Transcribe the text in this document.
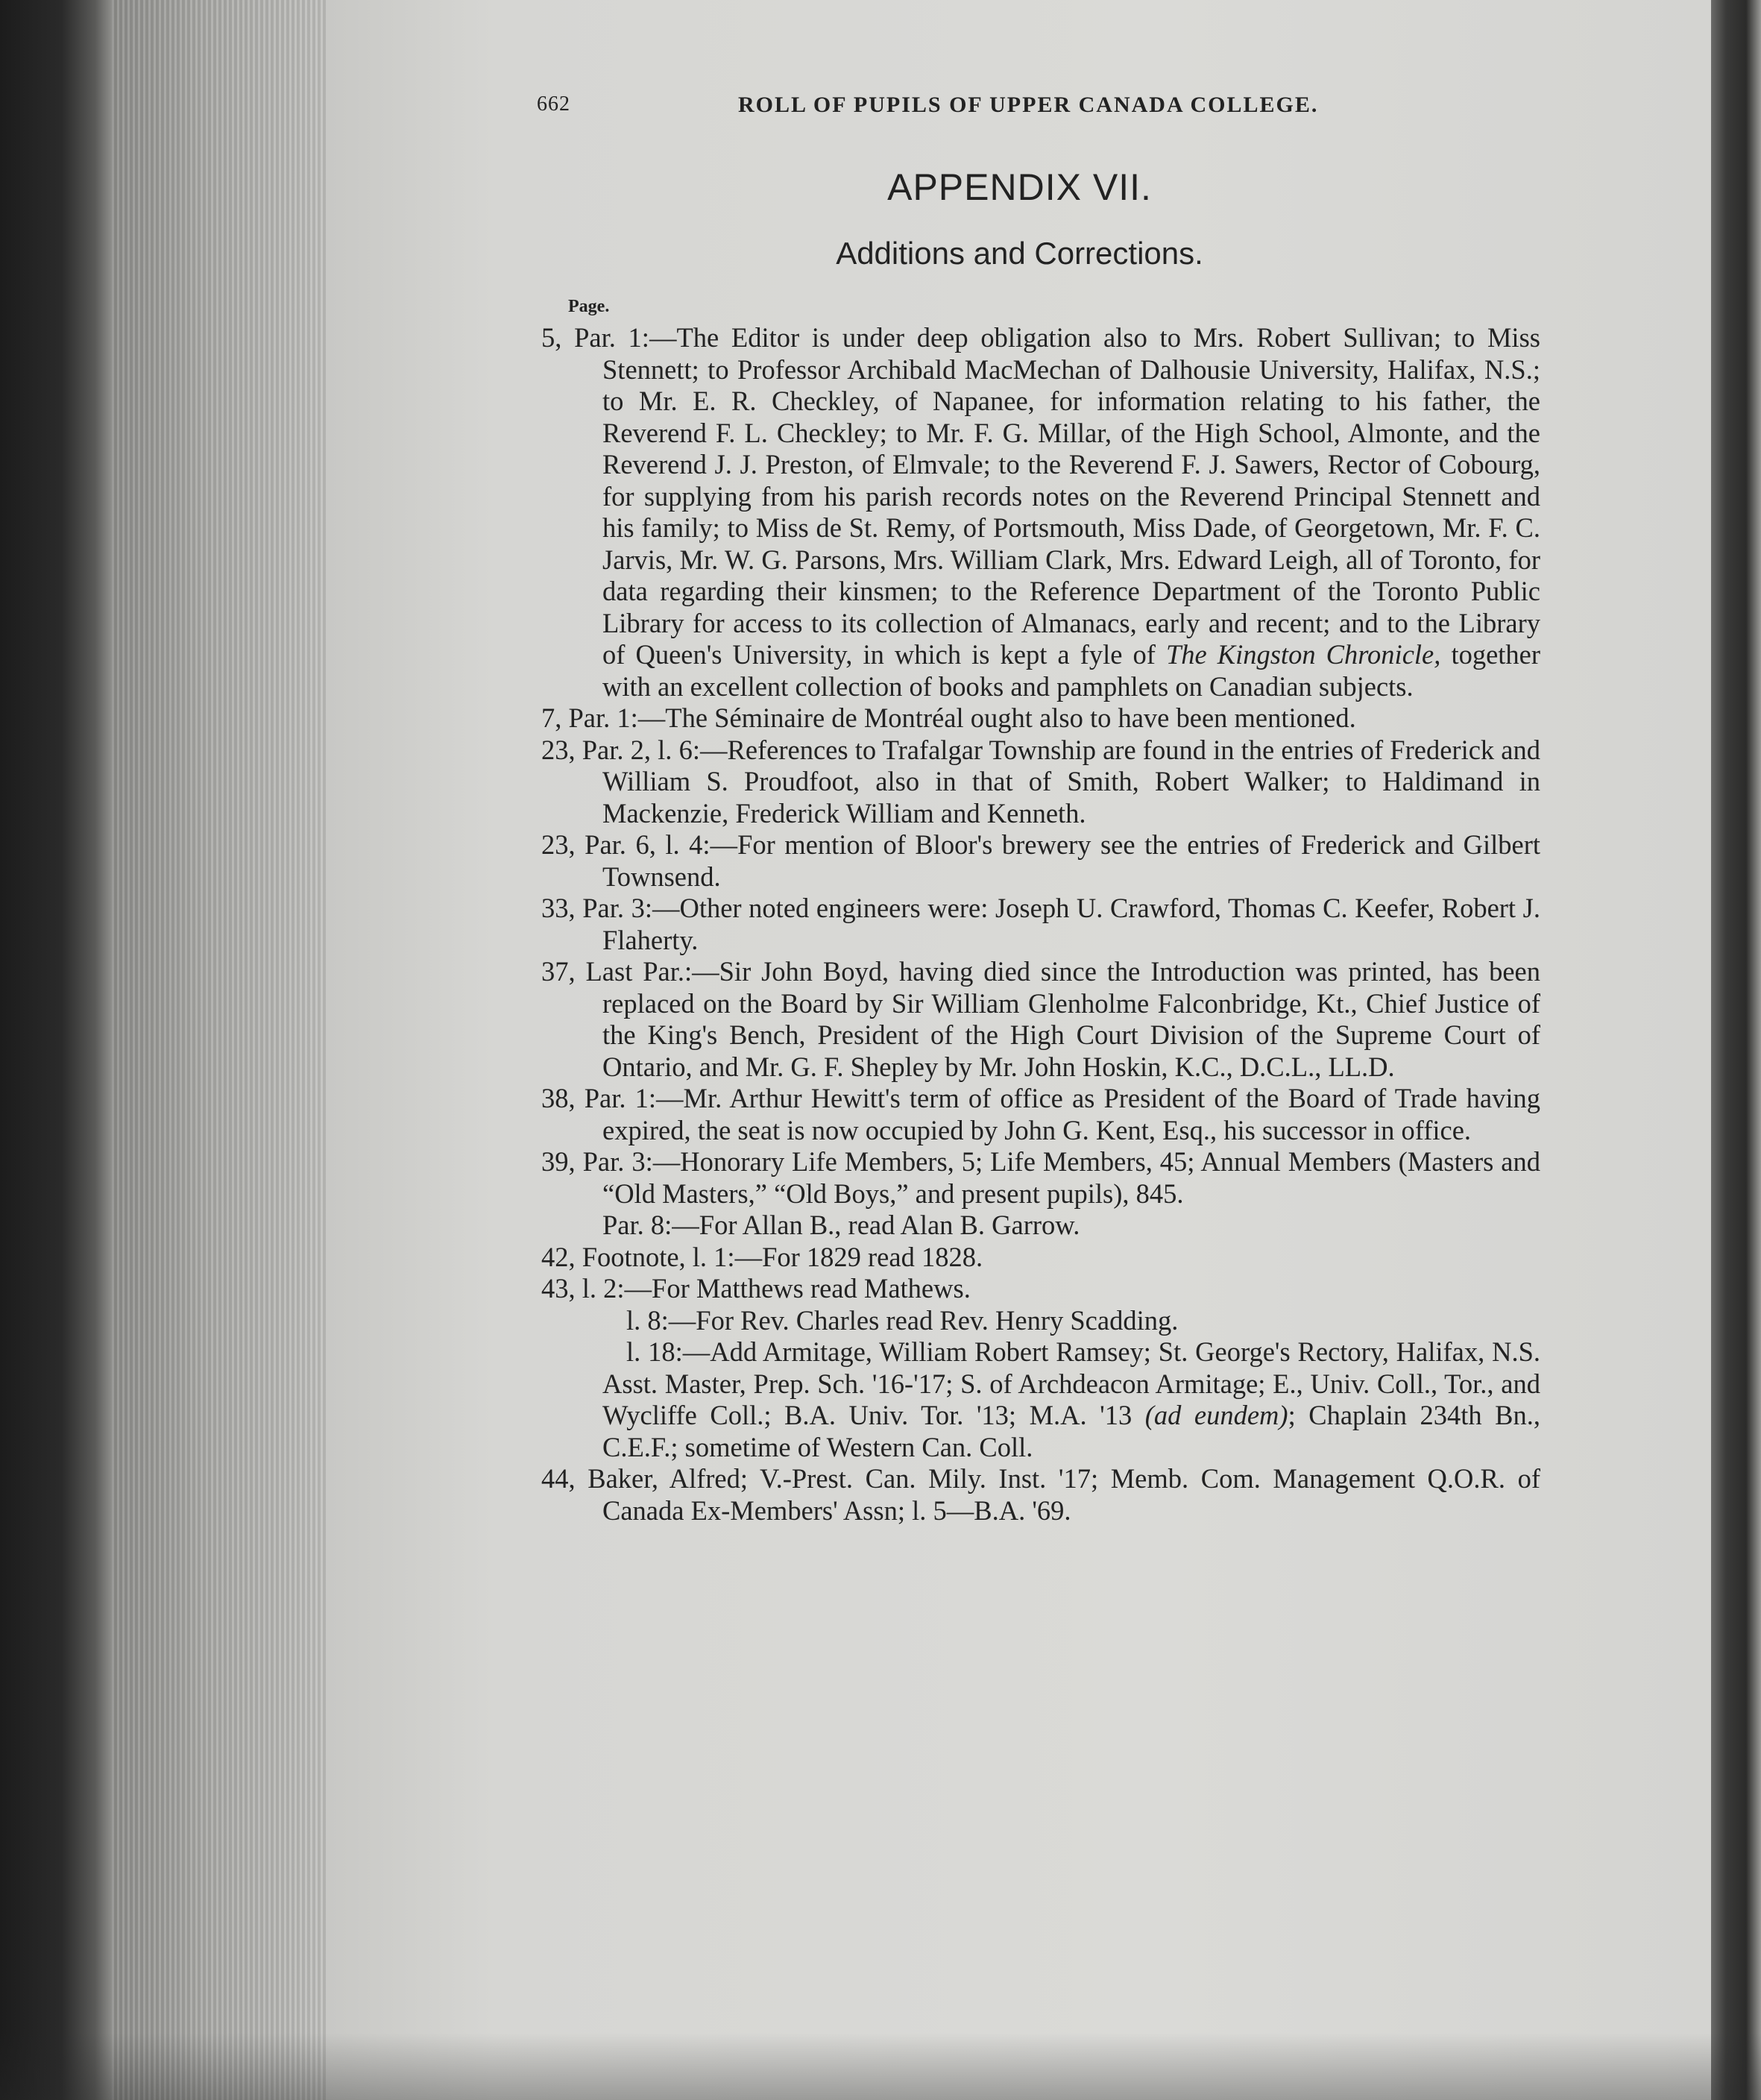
662	ROLL OF PUPILS OF UPPER CANADA COLLEGE.
APPENDIX VII.
Additions and Corrections.
Page.

5, Par. 1:—The Editor is under deep obligation also to Mrs. Robert Sullivan; to Miss Stennett; to Professor Archibald MacMechan of Dalhousie University, Halifax, N.S.; to Mr. E. R. Checkley, of Napanee, for information relating to his father, the Reverend F. L. Checkley; to Mr. F. G. Millar, of the High School, Almonte, and the Reverend J. J. Preston, of Elmvale; to the Reverend F. J. Sawers, Rector of Cobourg, for supplying from his parish records notes on the Reverend Principal Stennett and his family; to Miss de St. Remy, of Portsmouth, Miss Dade, of Georgetown, Mr. F. C. Jarvis, Mr. W. G. Parsons, Mrs. William Clark, Mrs. Edward Leigh, all of Toronto, for data regarding their kinsmen; to the Reference Department of the Toronto Public Library for access to its collection of Almanacs, early and recent; and to the Library of Queen's University, in which is kept a fyle of The Kingston Chronicle, together with an excellent collection of books and pamphlets on Canadian subjects.

7, Par. 1:—The Séminaire de Montréal ought also to have been mentioned.

23, Par. 2, l. 6:—References to Trafalgar Township are found in the entries of Frederick and William S. Proudfoot, also in that of Smith, Robert Walker; to Haldimand in Mackenzie, Frederick William and Kenneth.

23, Par. 6, l. 4:—For mention of Bloor's brewery see the entries of Frederick and Gilbert Townsend.

33, Par. 3:—Other noted engineers were: Joseph U. Crawford, Thomas C. Keefer, Robert J. Flaherty.

37, Last Par.:—Sir John Boyd, having died since the Introduction was printed, has been replaced on the Board by Sir William Glenholme Falconbridge, Kt., Chief Justice of the King's Bench, President of the High Court Division of the Supreme Court of Ontario, and Mr. G. F. Shepley by Mr. John Hoskin, K.C., D.C.L., LL.D.

38, Par. 1:—Mr. Arthur Hewitt's term of office as President of the Board of Trade having expired, the seat is now occupied by John G. Kent, Esq., his successor in office.

39, Par. 3:—Honorary Life Members, 5; Life Members, 45; Annual Members (Masters and “Old Masters,” “Old Boys,” and present pupils), 845.

Par. 8:—For Allan B., read Alan B. Garrow.

42, Footnote, l. 1:—For 1829 read 1828.

43, l. 2:—For Matthews read Mathews.

l. 8:—For Rev. Charles read Rev. Henry Scadding.

l. 18:—Add Armitage, William Robert Ramsey; St. George's Rectory, Halifax, N.S. Asst. Master, Prep. Sch. '16-'17; S. of Archdeacon Armitage; E., Univ. Coll., Tor., and Wycliffe Coll.; B.A. Univ. Tor. '13; M.A. '13 (ad eundem); Chaplain 234th Bn., C.E.F.; sometime of Western Can. Coll.

44, Baker, Alfred; V.-Prest. Can. Mily. Inst. '17; Memb. Com. Management Q.O.R. of Canada Ex-Members' Assn; l. 5—B.A. '69.
